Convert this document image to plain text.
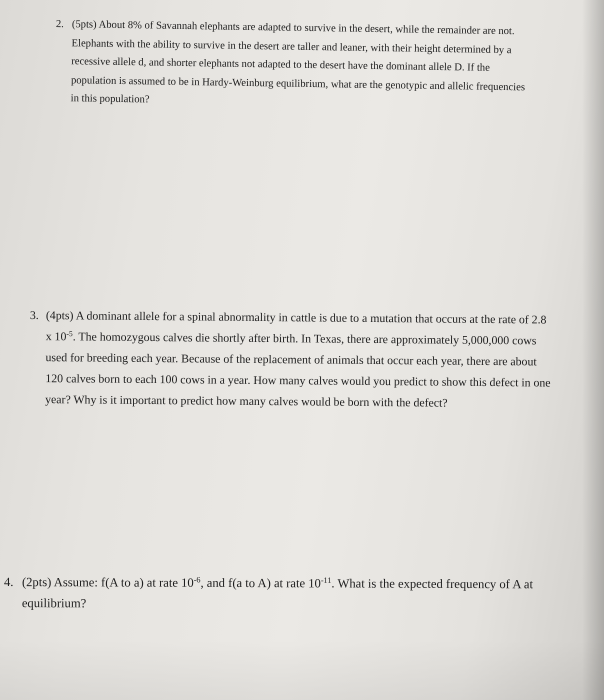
2. (5pts) About 8% of Savannah elephants are adapted to survive in the desert, while the remainder are not.
Elephants with the ability to survive in the desert are taller and leaner, with their height determined by a
recessive allele d, and shorter elephants not adapted to the desert have the dominant allele D. If the
population is assumed to be in Hardy-Weinburg equilibrium, what are the genotypic and allelic frequencies
in this population?
3. (4pts) A dominant allele for a spinal abnormality in cattle is due to a mutation that occurs at the rate of 2.8
x $10^{-5}$. The homozygous calves die shortly after birth. In Texas, there are approximately 5,000,000 cows
used for breeding each year. Because of the replacement of animals that occur each year, there are about
120 calves born to each 100 cows in a year. How many calves would you predict to show this defect in one
year? Why is it important to predict how many calves would be born with the defect?
4. (2pts) Assume: f(A to a) at rate $10^{-6}$, and f(a to A) at rate $10^{-11}$. What is the expected frequency of A at
equilibrium?
